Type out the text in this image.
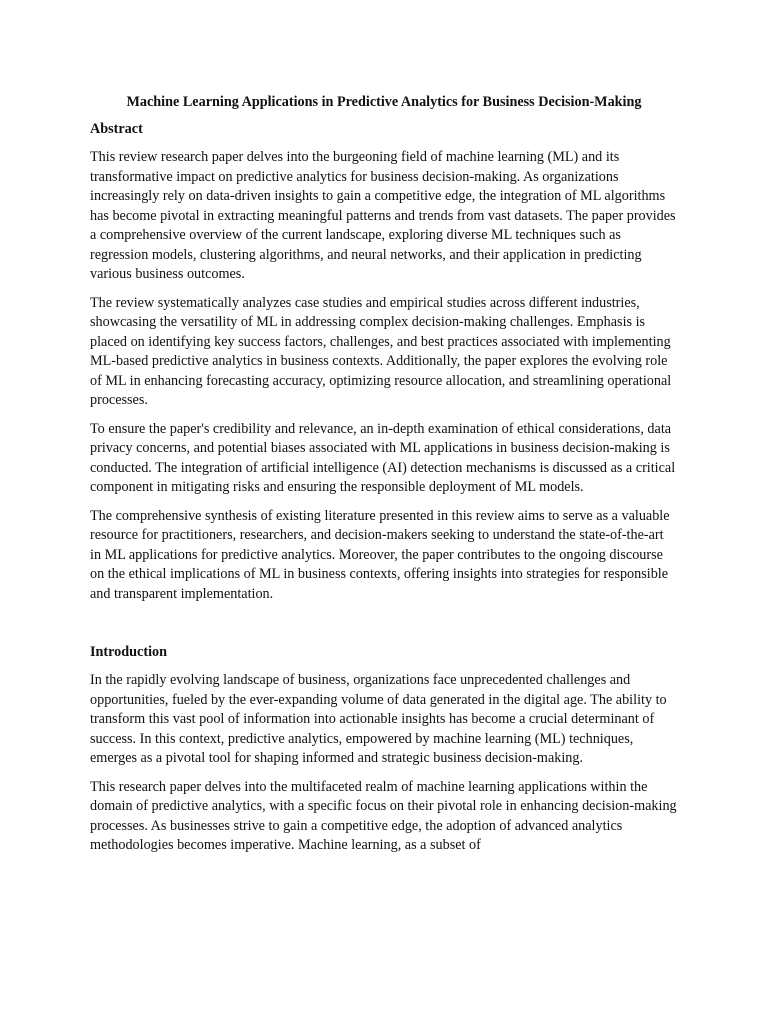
Machine Learning Applications in Predictive Analytics for Business Decision-Making
Abstract

This review research paper delves into the burgeoning field of machine learning (ML) and its transformative impact on predictive analytics for business decision-making. As organizations increasingly rely on data-driven insights to gain a competitive edge, the integration of ML algorithms has become pivotal in extracting meaningful patterns and trends from vast datasets. The paper provides a comprehensive overview of the current landscape, exploring diverse ML techniques such as regression models, clustering algorithms, and neural networks, and their application in predicting various business outcomes.

The review systematically analyzes case studies and empirical studies across different industries, showcasing the versatility of ML in addressing complex decision-making challenges. Emphasis is placed on identifying key success factors, challenges, and best practices associated with implementing ML-based predictive analytics in business contexts. Additionally, the paper explores the evolving role of ML in enhancing forecasting accuracy, optimizing resource allocation, and streamlining operational processes.

To ensure the paper's credibility and relevance, an in-depth examination of ethical considerations, data privacy concerns, and potential biases associated with ML applications in business decision-making is conducted. The integration of artificial intelligence (AI) detection mechanisms is discussed as a critical component in mitigating risks and ensuring the responsible deployment of ML models.

The comprehensive synthesis of existing literature presented in this review aims to serve as a valuable resource for practitioners, researchers, and decision-makers seeking to understand the state-of-the-art in ML applications for predictive analytics. Moreover, the paper contributes to the ongoing discourse on the ethical implications of ML in business contexts, offering insights into strategies for responsible and transparent implementation.

Introduction

In the rapidly evolving landscape of business, organizations face unprecedented challenges and opportunities, fueled by the ever-expanding volume of data generated in the digital age. The ability to transform this vast pool of information into actionable insights has become a crucial determinant of success. In this context, predictive analytics, empowered by machine learning (ML) techniques, emerges as a pivotal tool for shaping informed and strategic business decision-making.

This research paper delves into the multifaceted realm of machine learning applications within the domain of predictive analytics, with a specific focus on their pivotal role in enhancing decision-making processes. As businesses strive to gain a competitive edge, the adoption of advanced analytics methodologies becomes imperative. Machine learning, as a subset of
